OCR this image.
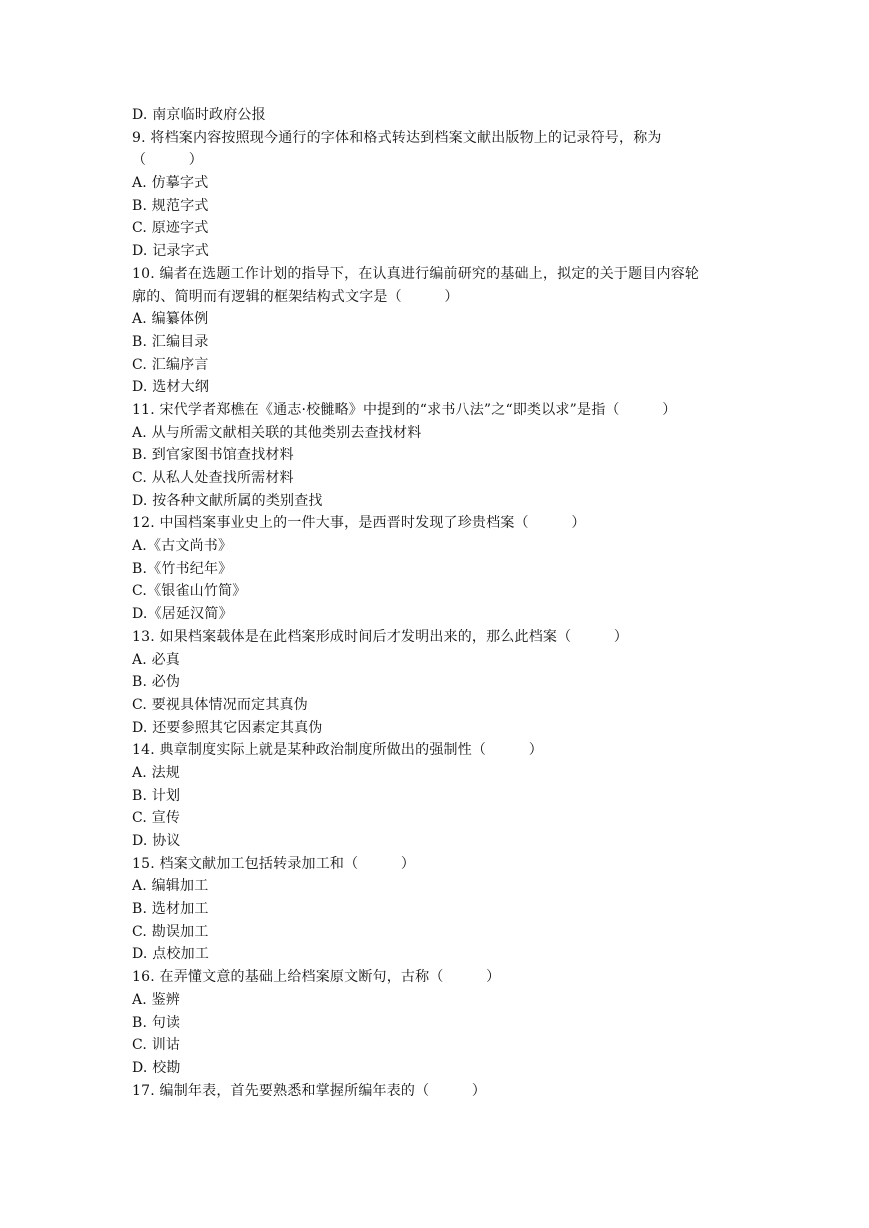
D. 南京临时政府公报
9. 将档案内容按照现今通行的字体和格式转达到档案文献出版物上的记录符号，称为
（　　　）
A. 仿摹字式
B. 规范字式
C. 原迹字式
D. 记录字式
10. 编者在选题工作计划的指导下，在认真进行编前研究的基础上，拟定的关于题目内容轮
廓的、简明而有逻辑的框架结构式文字是（　　　）
A. 编纂体例
B. 汇编目录
C. 汇编序言
D. 选材大纲
11. 宋代学者郑樵在《通志·校雠略》中提到的“求书八法”之“即类以求”是指（　　　）
A. 从与所需文献相关联的其他类别去查找材料
B. 到官家图书馆查找材料
C. 从私人处查找所需材料
D. 按各种文献所属的类别查找
12. 中国档案事业史上的一件大事，是西晋时发现了珍贵档案（　　　）
A.《古文尚书》
B.《竹书纪年》
C.《银雀山竹简》
D.《居延汉简》
13. 如果档案载体是在此档案形成时间后才发明出来的，那么此档案（　　　）
A. 必真
B. 必伪
C. 要视具体情况而定其真伪
D. 还要参照其它因素定其真伪
14. 典章制度实际上就是某种政治制度所做出的强制性（　　　）
A. 法规
B. 计划
C. 宣传
D. 协议
15. 档案文献加工包括转录加工和（　　　）
A. 编辑加工
B. 选材加工
C. 勘误加工
D. 点校加工
16. 在弄懂文意的基础上给档案原文断句，古称（　　　）
A. 鉴辨
B. 句读
C. 训诂
D. 校勘
17. 编制年表，首先要熟悉和掌握所编年表的（　　　）
